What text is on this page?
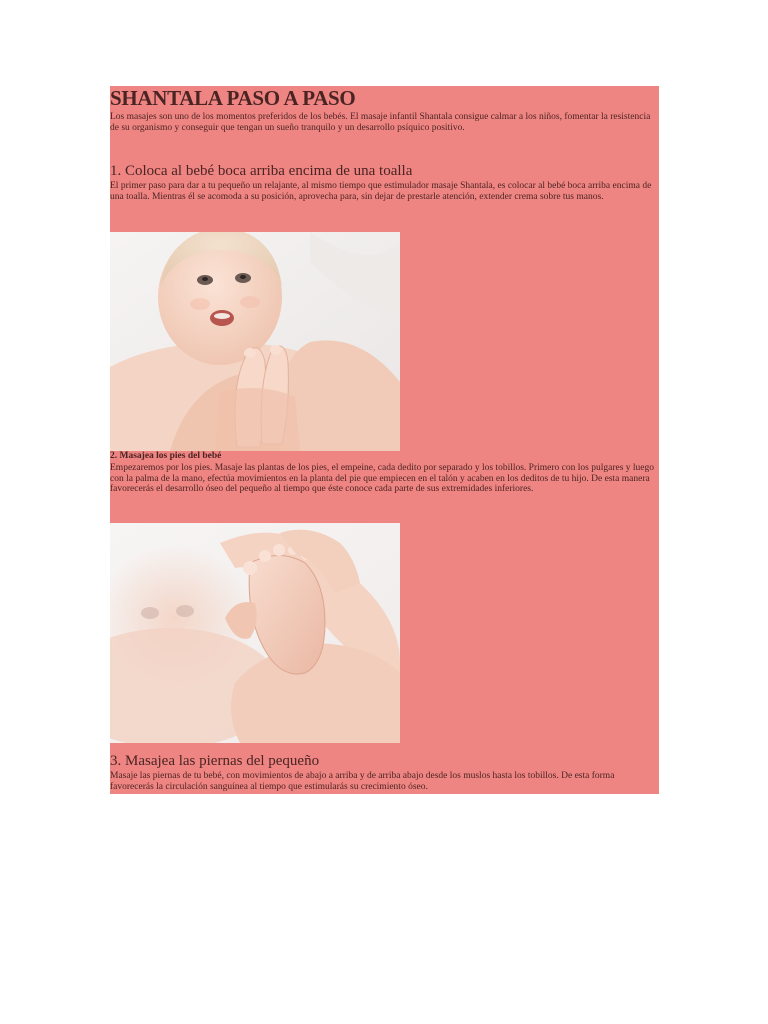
SHANTALA PASO A PASO

Los masajes son uno de los momentos preferidos de los bebés. El masaje infantil Shantala consigue calmar a los niños, fomentar la resistencia de su organismo y conseguir que tengan un sueño tranquilo y un desarrollo psíquico positivo.

1. Coloca al bebé boca arriba encima de una toalla

El primer paso para dar a tu pequeño un relajante, al mismo tiempo que estimulador masaje Shantala, es colocar al bebé boca arriba encima de una toalla. Mientras él se acomoda a su posición, aprovecha para, sin dejar de prestarle atención, extender crema sobre tus manos.

2. Masajea los pies del bebé

Empezaremos por los pies. Masaje las plantas de los pies, el empeine, cada dedito por separado y los tobillos. Primero con los pulgares y luego con la palma de la mano, efectúa movimientos en la planta del pie que empiecen en el talón y acaben en los deditos de tu hijo. De esta manera favorecerás el desarrollo óseo del pequeño al tiempo que éste conoce cada parte de sus extremidades inferiores.

3. Masajea las piernas del pequeño

Masaje las piernas de tu bebé, con movimientos de abajo a arriba y de arriba abajo desde los muslos hasta los tobillos. De esta forma favorecerás la circulación sanguínea al tiempo que estimularás su crecimiento óseo.
